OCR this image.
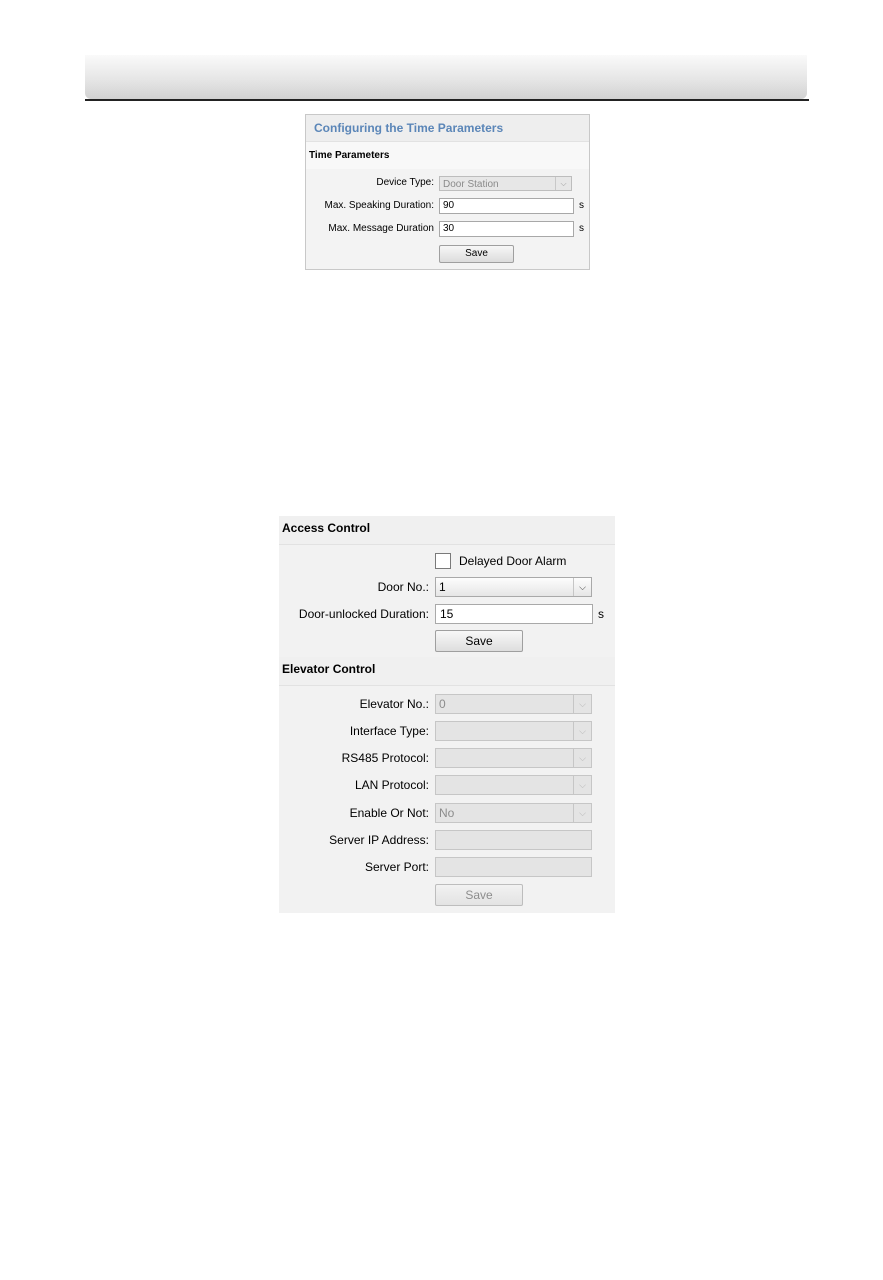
Configuring the Time Parameters
Time Parameters
Device Type: Door Station	⌵
Max. Speaking Duration: 90	s
Max. Message Duration 30	s
Save
Access Control
Delayed Door Alarm
Door No.: 1	⌵
Door-unlocked Duration: 15	s
Save
Elevator Control
Elevator No.: 0	⌵
Interface Type:	⌵
RS485 Protocol:	⌵
LAN Protocol:	⌵
Enable Or Not: No	⌵
Server IP Address:
Server Port:
Save
